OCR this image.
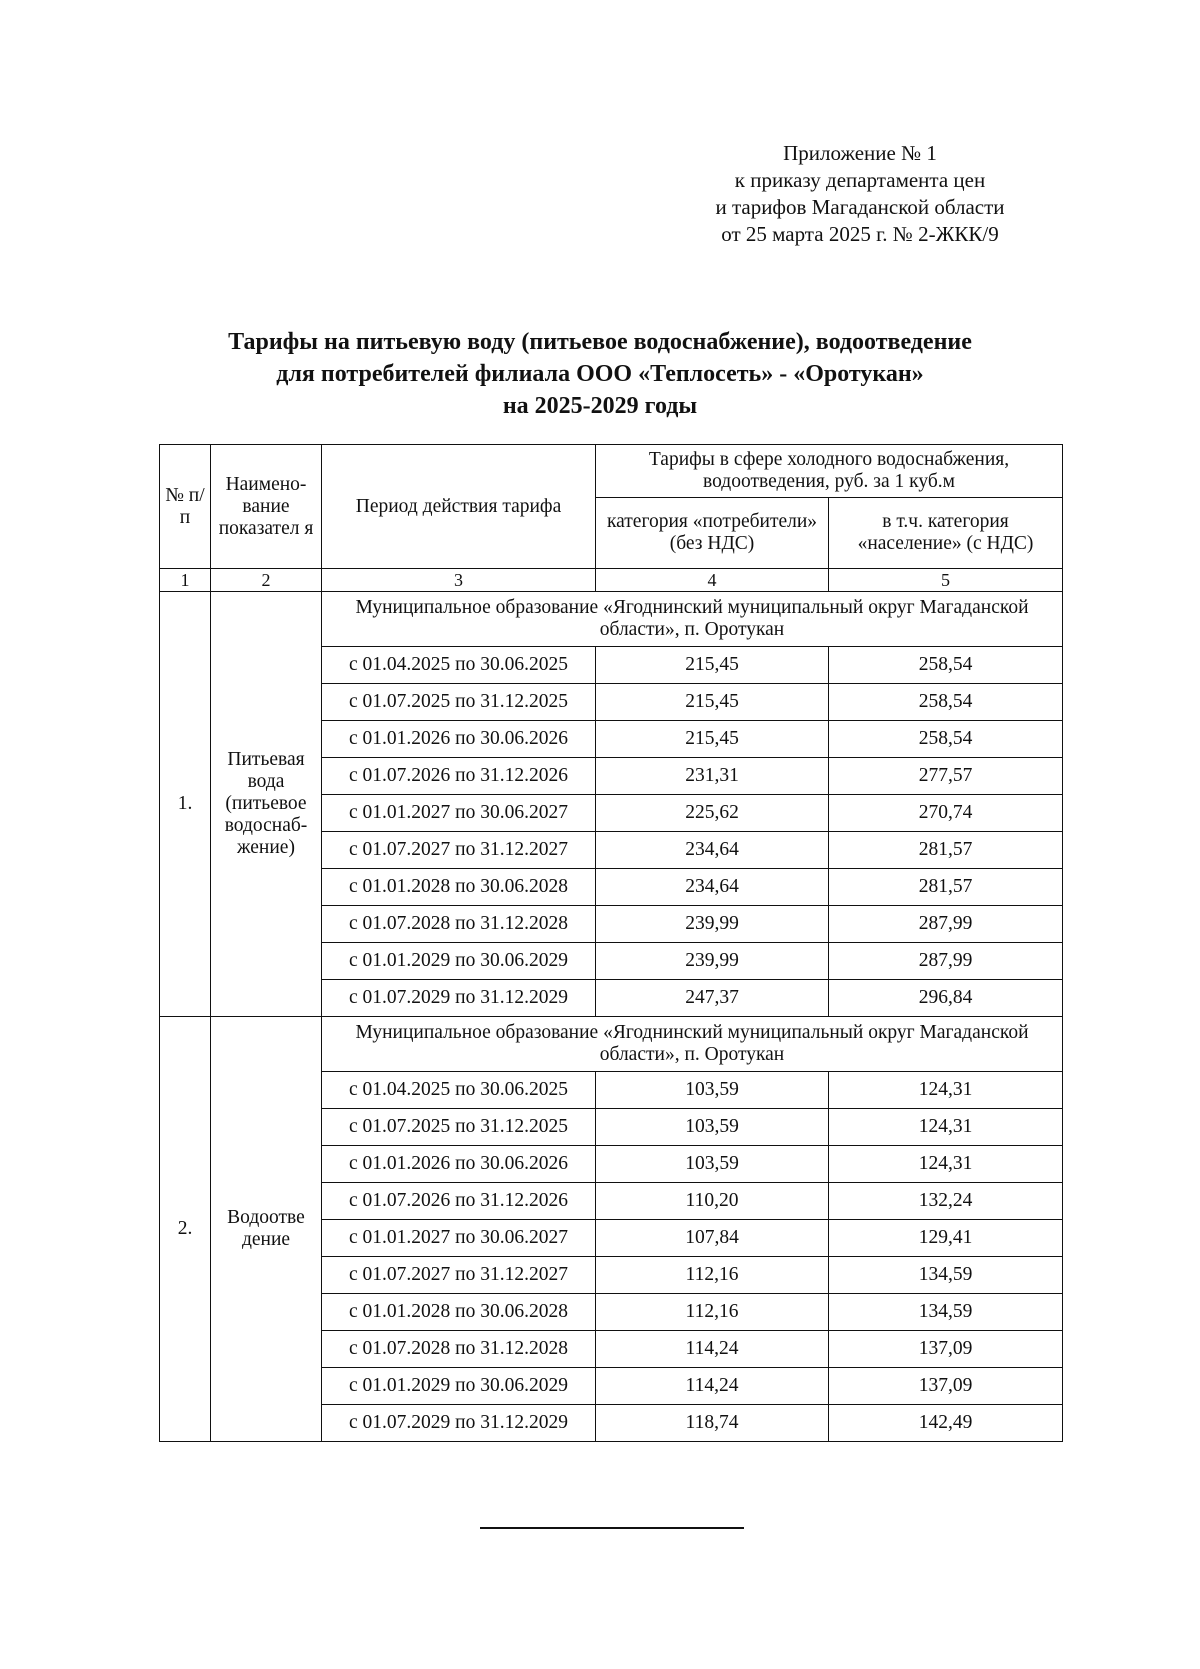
Приложение № 1
к приказу департамента цен
и тарифов Магаданской области
от 25 марта 2025 г. № 2-ЖКК/9
Тарифы на питьевую воду (питьевое водоснабжение), водоотведение
для потребителей филиала ООО «Теплосеть» - «Оротукан»
на 2025-2029 годы
№ п/п	Наимено-вание показател я	Период действия тарифа	Тарифы в сфере холодного водоснабжения, водоотведения, руб. за 1 куб.м	
			категория «потребители» (без НДС)	в т.ч. категория «население» (с НДС)
1	2	3	4	5
1.	Питьевая вода (питьевое водоснаб-жение)	Муниципальное образование «Ягоднинский муниципальный округ Магаданской области», п. Оротукан		
		с 01.04.2025 по 30.06.2025	215,45	258,54
		с 01.07.2025 по 31.12.2025	215,45	258,54
		с 01.01.2026 по 30.06.2026	215,45	258,54
		с 01.07.2026 по 31.12.2026	231,31	277,57
		с 01.01.2027 по 30.06.2027	225,62	270,74
		с 01.07.2027 по 31.12.2027	234,64	281,57
		с 01.01.2028 по 30.06.2028	234,64	281,57
		с 01.07.2028 по 31.12.2028	239,99	287,99
		с 01.01.2029 по 30.06.2029	239,99	287,99
		с 01.07.2029 по 31.12.2029	247,37	296,84
2.	Водоотве дение	Муниципальное образование «Ягоднинский муниципальный округ Магаданской области», п. Оротукан		
		с 01.04.2025 по 30.06.2025	103,59	124,31
		с 01.07.2025 по 31.12.2025	103,59	124,31
		с 01.01.2026 по 30.06.2026	103,59	124,31
		с 01.07.2026 по 31.12.2026	110,20	132,24
		с 01.01.2027 по 30.06.2027	107,84	129,41
		с 01.07.2027 по 31.12.2027	112,16	134,59
		с 01.01.2028 по 30.06.2028	112,16	134,59
		с 01.07.2028 по 31.12.2028	114,24	137,09
		с 01.01.2029 по 30.06.2029	114,24	137,09
		с 01.07.2029 по 31.12.2029	118,74	142,49
